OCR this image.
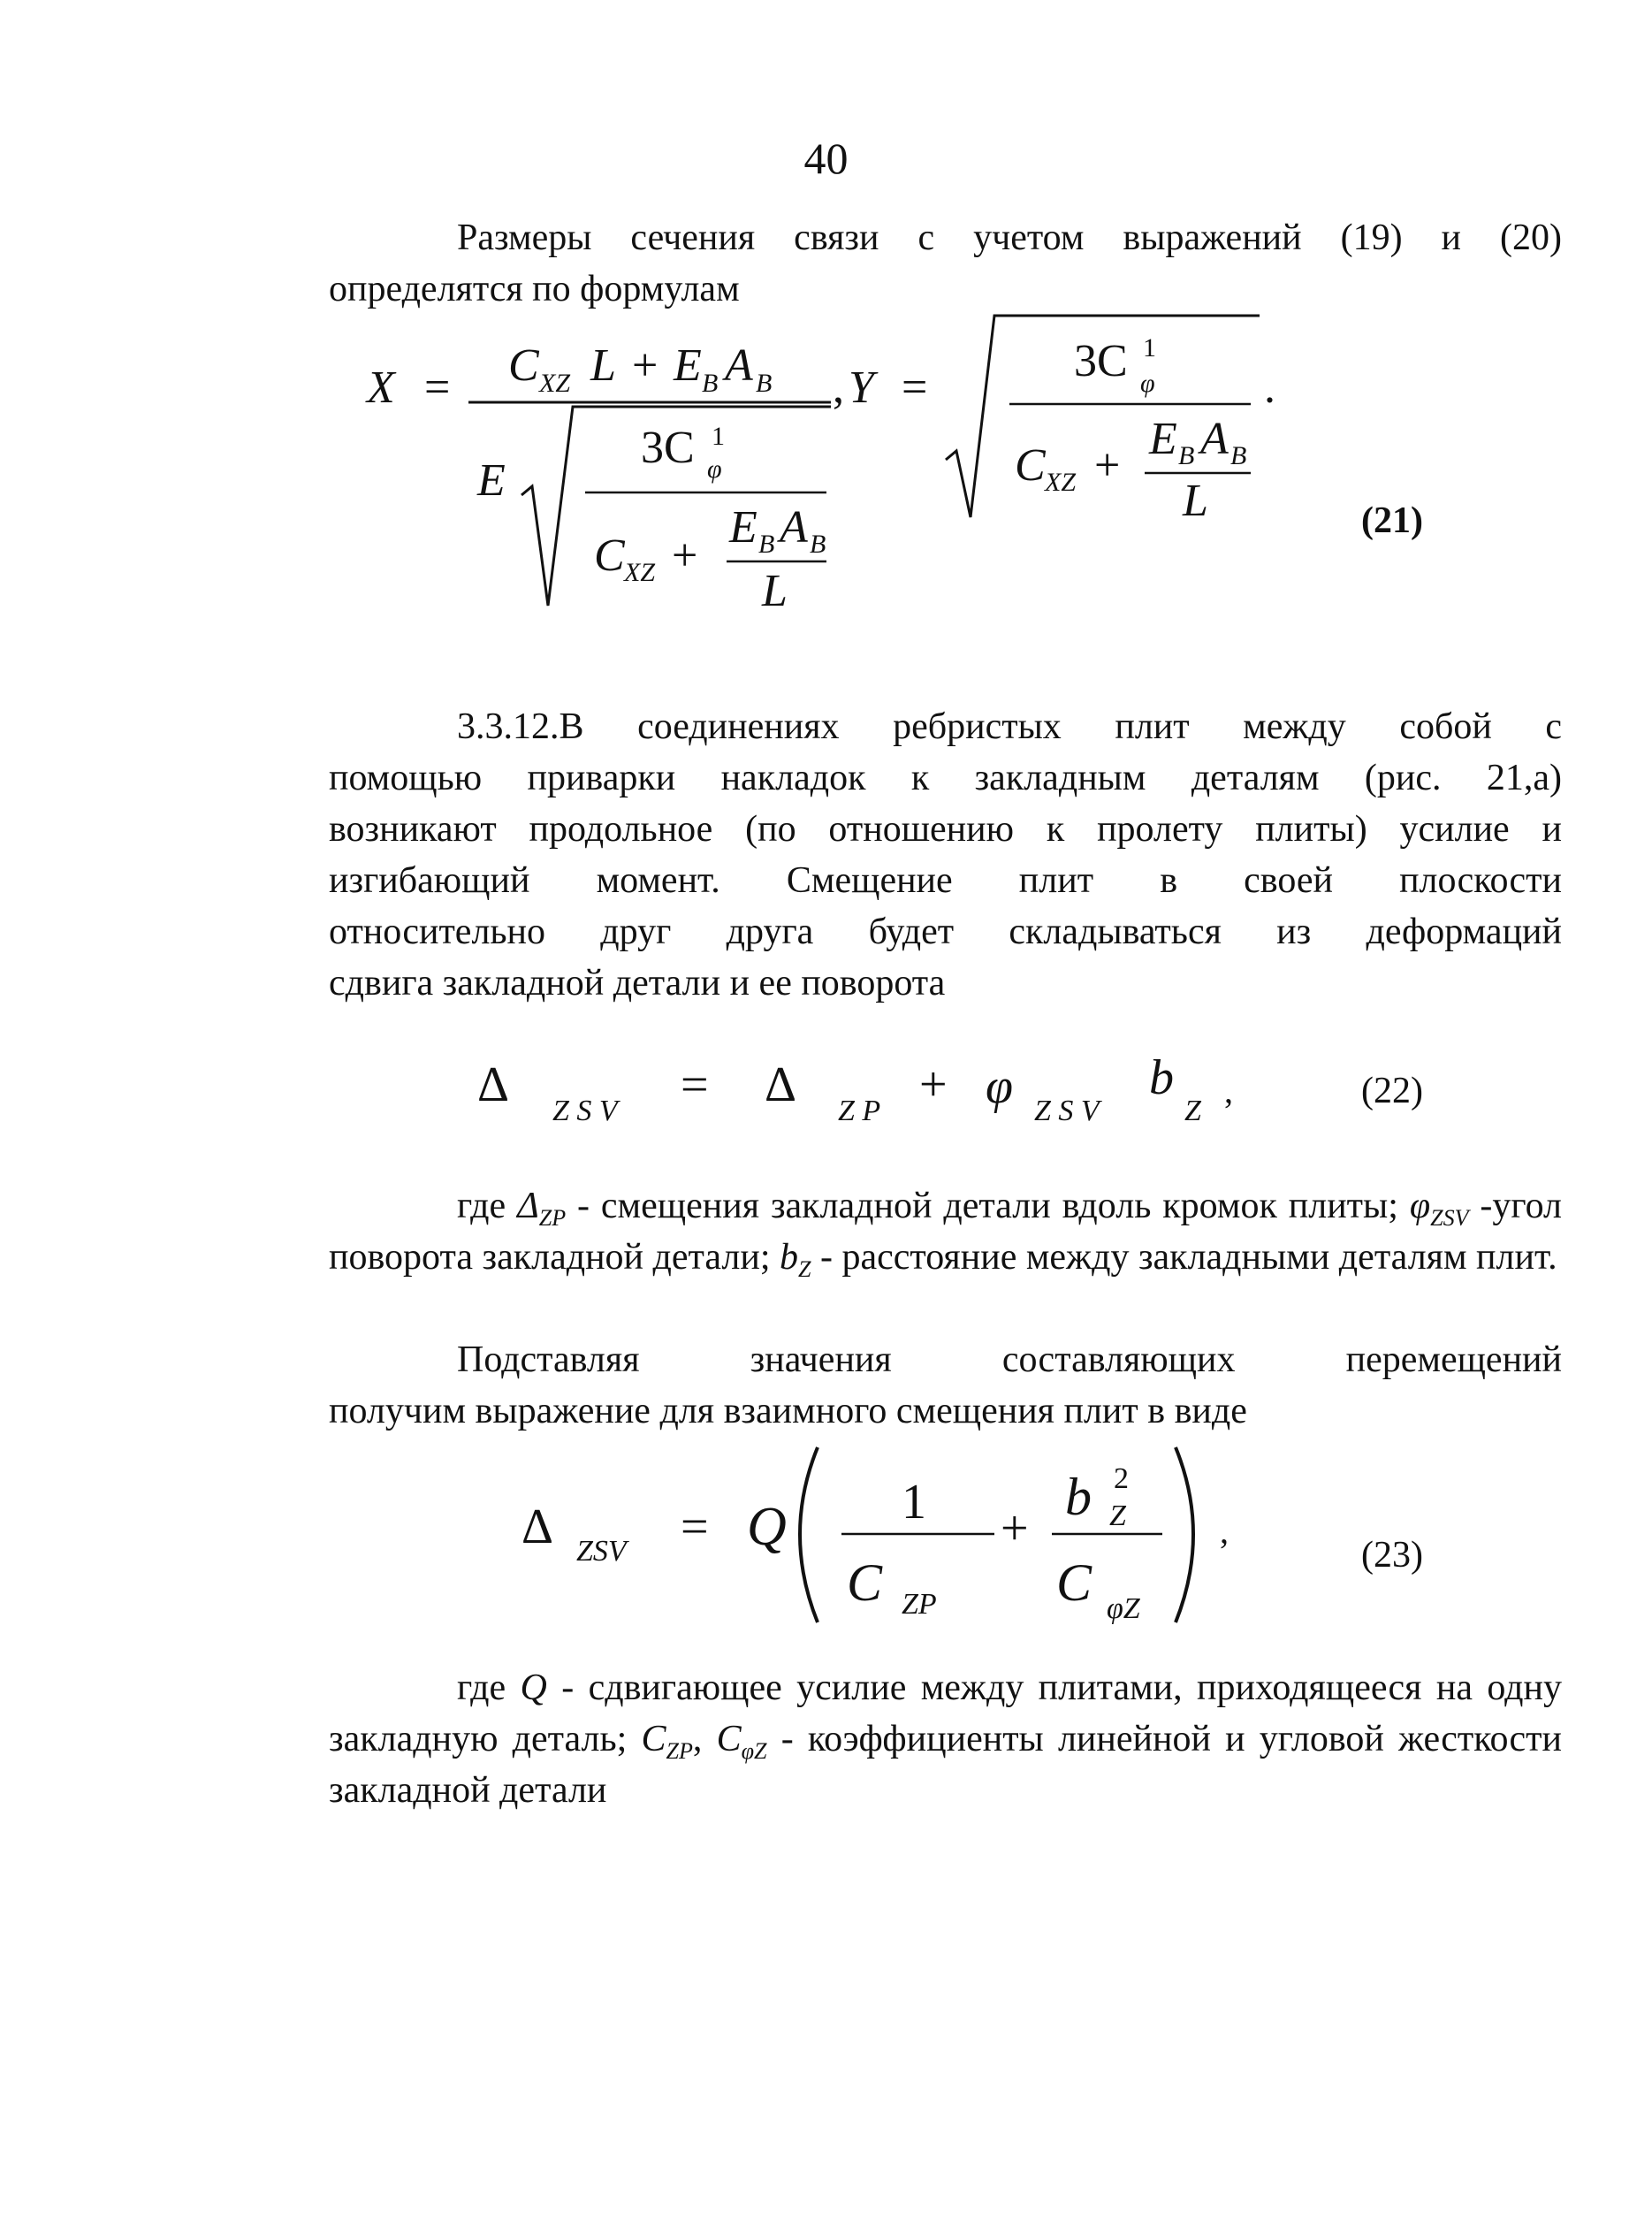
40

Размеры сечения связи с учетом выражений (19) и (20)

определятся по формулам

X = C XZ L + E B A B
E
3C 1
φ
C XZ +
E B A B
L
, Y =
3C 1
φ
C XZ +
E B A B
L
.
(21)

3.3.12.В соединениях ребристых плит между собой с

помощью приварки накладок к закладным деталям (рис. 21,а)

возникают продольное (по отношению к пролету плиты) усилие и

изгибающий момент. Смещение плит в своей плоскости

относительно друг друга будет складываться из деформаций

сдвига закладной детали и ее поворота

Δ Z S V = Δ Z P + φ Z S V
b
Z
,	(22)

где $\Delta_{ZP}$ - смещения закладной детали вдоль кромок плиты; $\varphi_{ZSV}$ -угол поворота закладной детали; $b_Z$ - расстояние между закладными деталям плит.

Подставляя значения составляющих перемещений

получим выражение для взаимного смещения плит в виде

Δ ZSV = Q 1
C ZP
+
b 2
Z
C φZ
,
(23)

где Q - сдвигающее усилие между плитами, приходящееся на одну закладную деталь; $C_{ZP}$, $C_{\varphi Z}$ - коэффициенты линейной и угловой жесткости закладной детали
